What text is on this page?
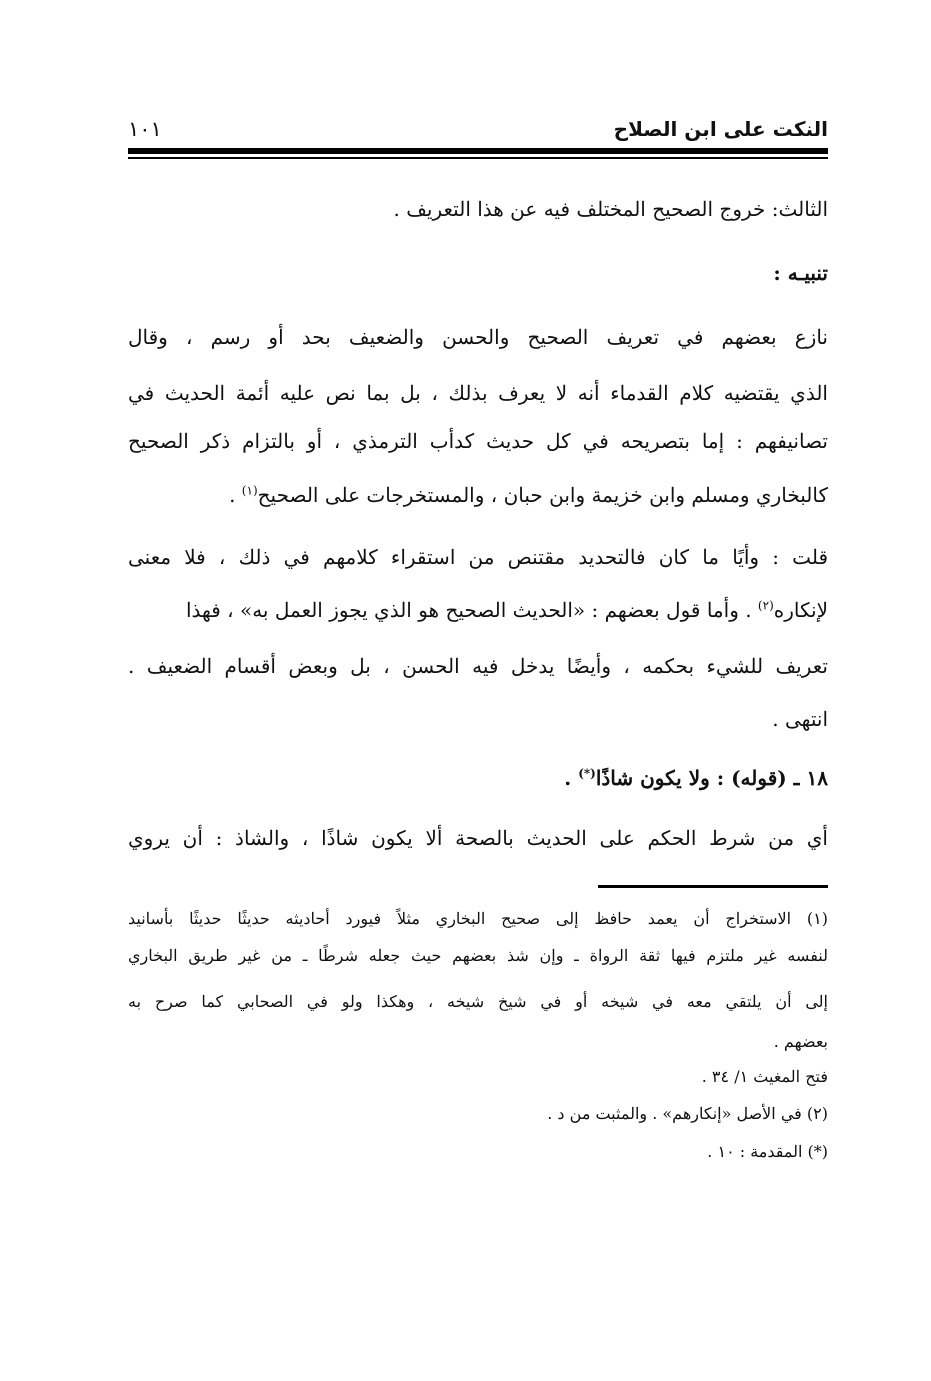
النكت على ابن الصلاح
١٠١
الثالث: خروج الصحيح المختلف فيه عن هذا التعريف .
تنبيـه :
نازع بعضهم في تعريف الصحيح والحسن والضعيف بحد أو رسم ، وقال
الذي يقتضيه كلام القدماء أنه لا يعرف بذلك ، بل بما نص عليه أئمة الحديث في
تصانيفهم : إما بتصريحه في كل حديث كدأب الترمذي ، أو بالتزام ذكر الصحيح
كالبخاري ومسلم وابن خزيمة وابن حبان ، والمستخرجات على الصحيح$^{(١)}$ .
قلت : وأيًا ما كان فالتحديد مقتنص من استقراء كلامهم في ذلك ، فلا معنى
لإنكاره$^{(٢)}$ . وأما قول بعضهم : «الحديث الصحيح هو الذي يجوز العمل به» ، فهذا
تعريف للشيء بحكمه ، وأيضًا يدخل فيه الحسن ، بل وبعض أقسام الضعيف .
انتهى .
١٨ ـ (قوله) : ولا يكون شاذًا(*) .
أي من شرط الحكم على الحديث بالصحة ألا يكون شاذًا ، والشاذ : أن يروي
(١) الاستخراج أن يعمد حافظ إلى صحيح البخاري مثلاً فيورد أحاديثه حديثًا حديثًا بأسانيد
لنفسه غير ملتزم فيها ثقة الرواة ـ وإن شذ بعضهم حيث جعله شرطًا ـ من غير طريق البخاري
إلى أن يلتقي معه في شيخه أو في شيخ شيخه ، وهكذا ولو في الصحابي كما صرح به
بعضهم .
فتح المغيث ١/ ٣٤ .
(٢) في الأصل «إنكارهم» . والمثبت من د .
(*) المقدمة : ١٠ .
